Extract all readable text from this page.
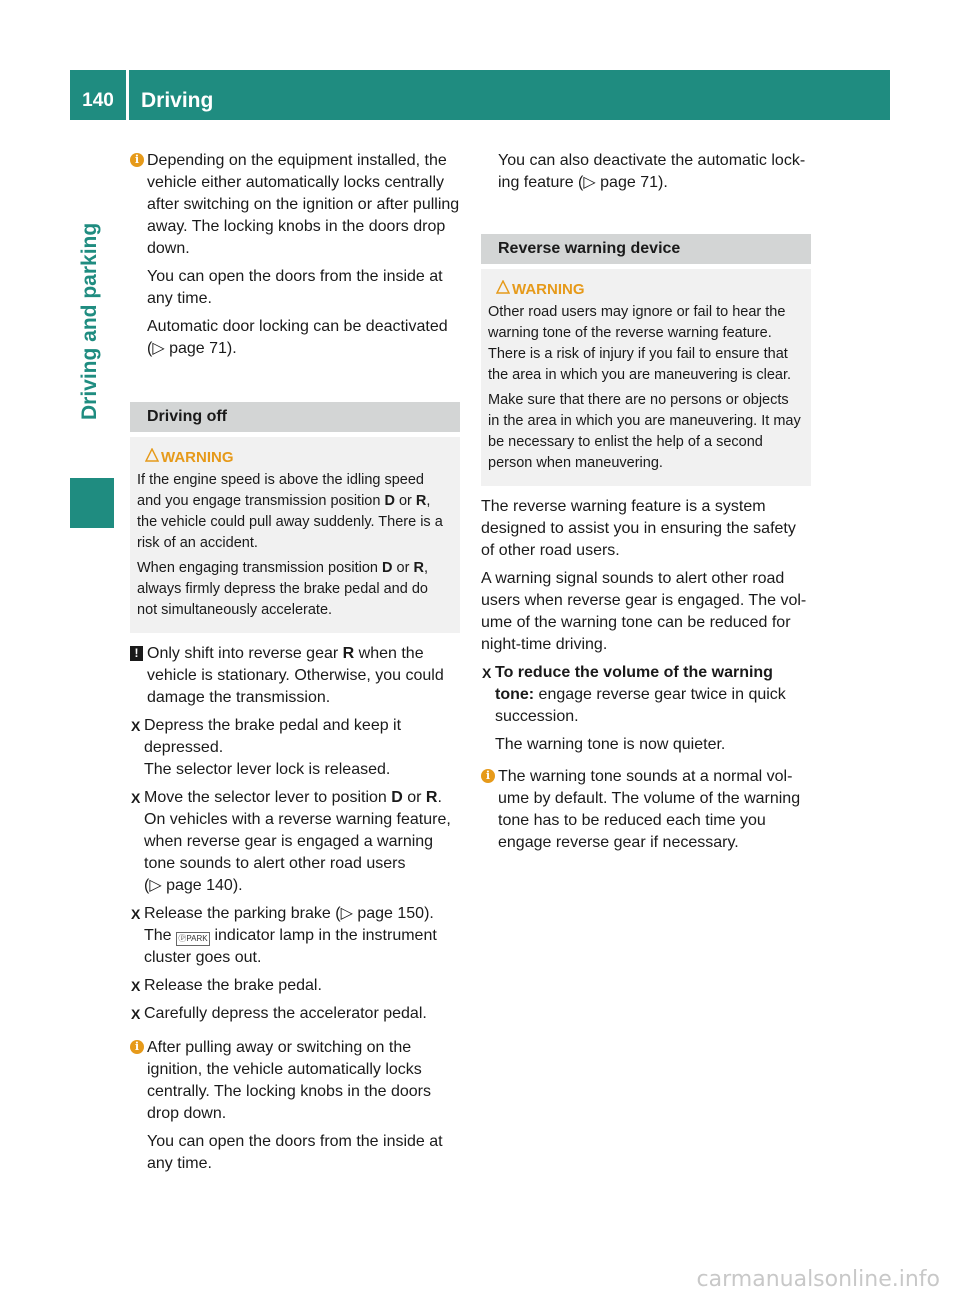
140	Driving
Driving and parking
i Depending on the equipment installed, the vehicle either automatically locks centrally after switching on the ignition or after pulling away. The locking knobs in the doors drop down.
You can open the doors from the inside at any time.
Automatic door locking can be deactivated (▷ page 71).
Driving off
WARNING
If the engine speed is above the idling speed and you engage transmission position D or R, the vehicle could pull away suddenly. There is a risk of an accident.
When engaging transmission position D or R, always firmly depress the brake pedal and do not simultaneously accelerate.
! Only shift into reverse gear R when the vehicle is stationary. Otherwise, you could damage the transmission.
X Depress the brake pedal and keep it depressed.
The selector lever lock is released.
X Move the selector lever to position D or R.
On vehicles with a reverse warning feature, when reverse gear is engaged a warning tone sounds to alert other road users (▷ page 140).
X Release the parking brake (▷ page 150).
The ⓅPARK indicator lamp in the instrument cluster goes out.
X Release the brake pedal.
X Carefully depress the accelerator pedal.
i After pulling away or switching on the ignition, the vehicle automatically locks centrally. The locking knobs in the doors drop down.
You can open the doors from the inside at any time.
You can also deactivate the automatic locking feature (▷ page 71).
Reverse warning device
WARNING
Other road users may ignore or fail to hear the warning tone of the reverse warning feature. There is a risk of injury if you fail to ensure that the area in which you are maneuvering is clear.
Make sure that there are no persons or objects in the area in which you are maneuvering. It may be necessary to enlist the help of a second person when maneuvering.
The reverse warning feature is a system designed to assist you in ensuring the safety of other road users.
A warning signal sounds to alert other road users when reverse gear is engaged. The volume of the warning tone can be reduced for night-time driving.
X To reduce the volume of the warning tone: engage reverse gear twice in quick succession.
The warning tone is now quieter.
i The warning tone sounds at a normal volume by default. The volume of the warning tone has to be reduced each time you engage reverse gear if necessary.
carmanualsonline.info
